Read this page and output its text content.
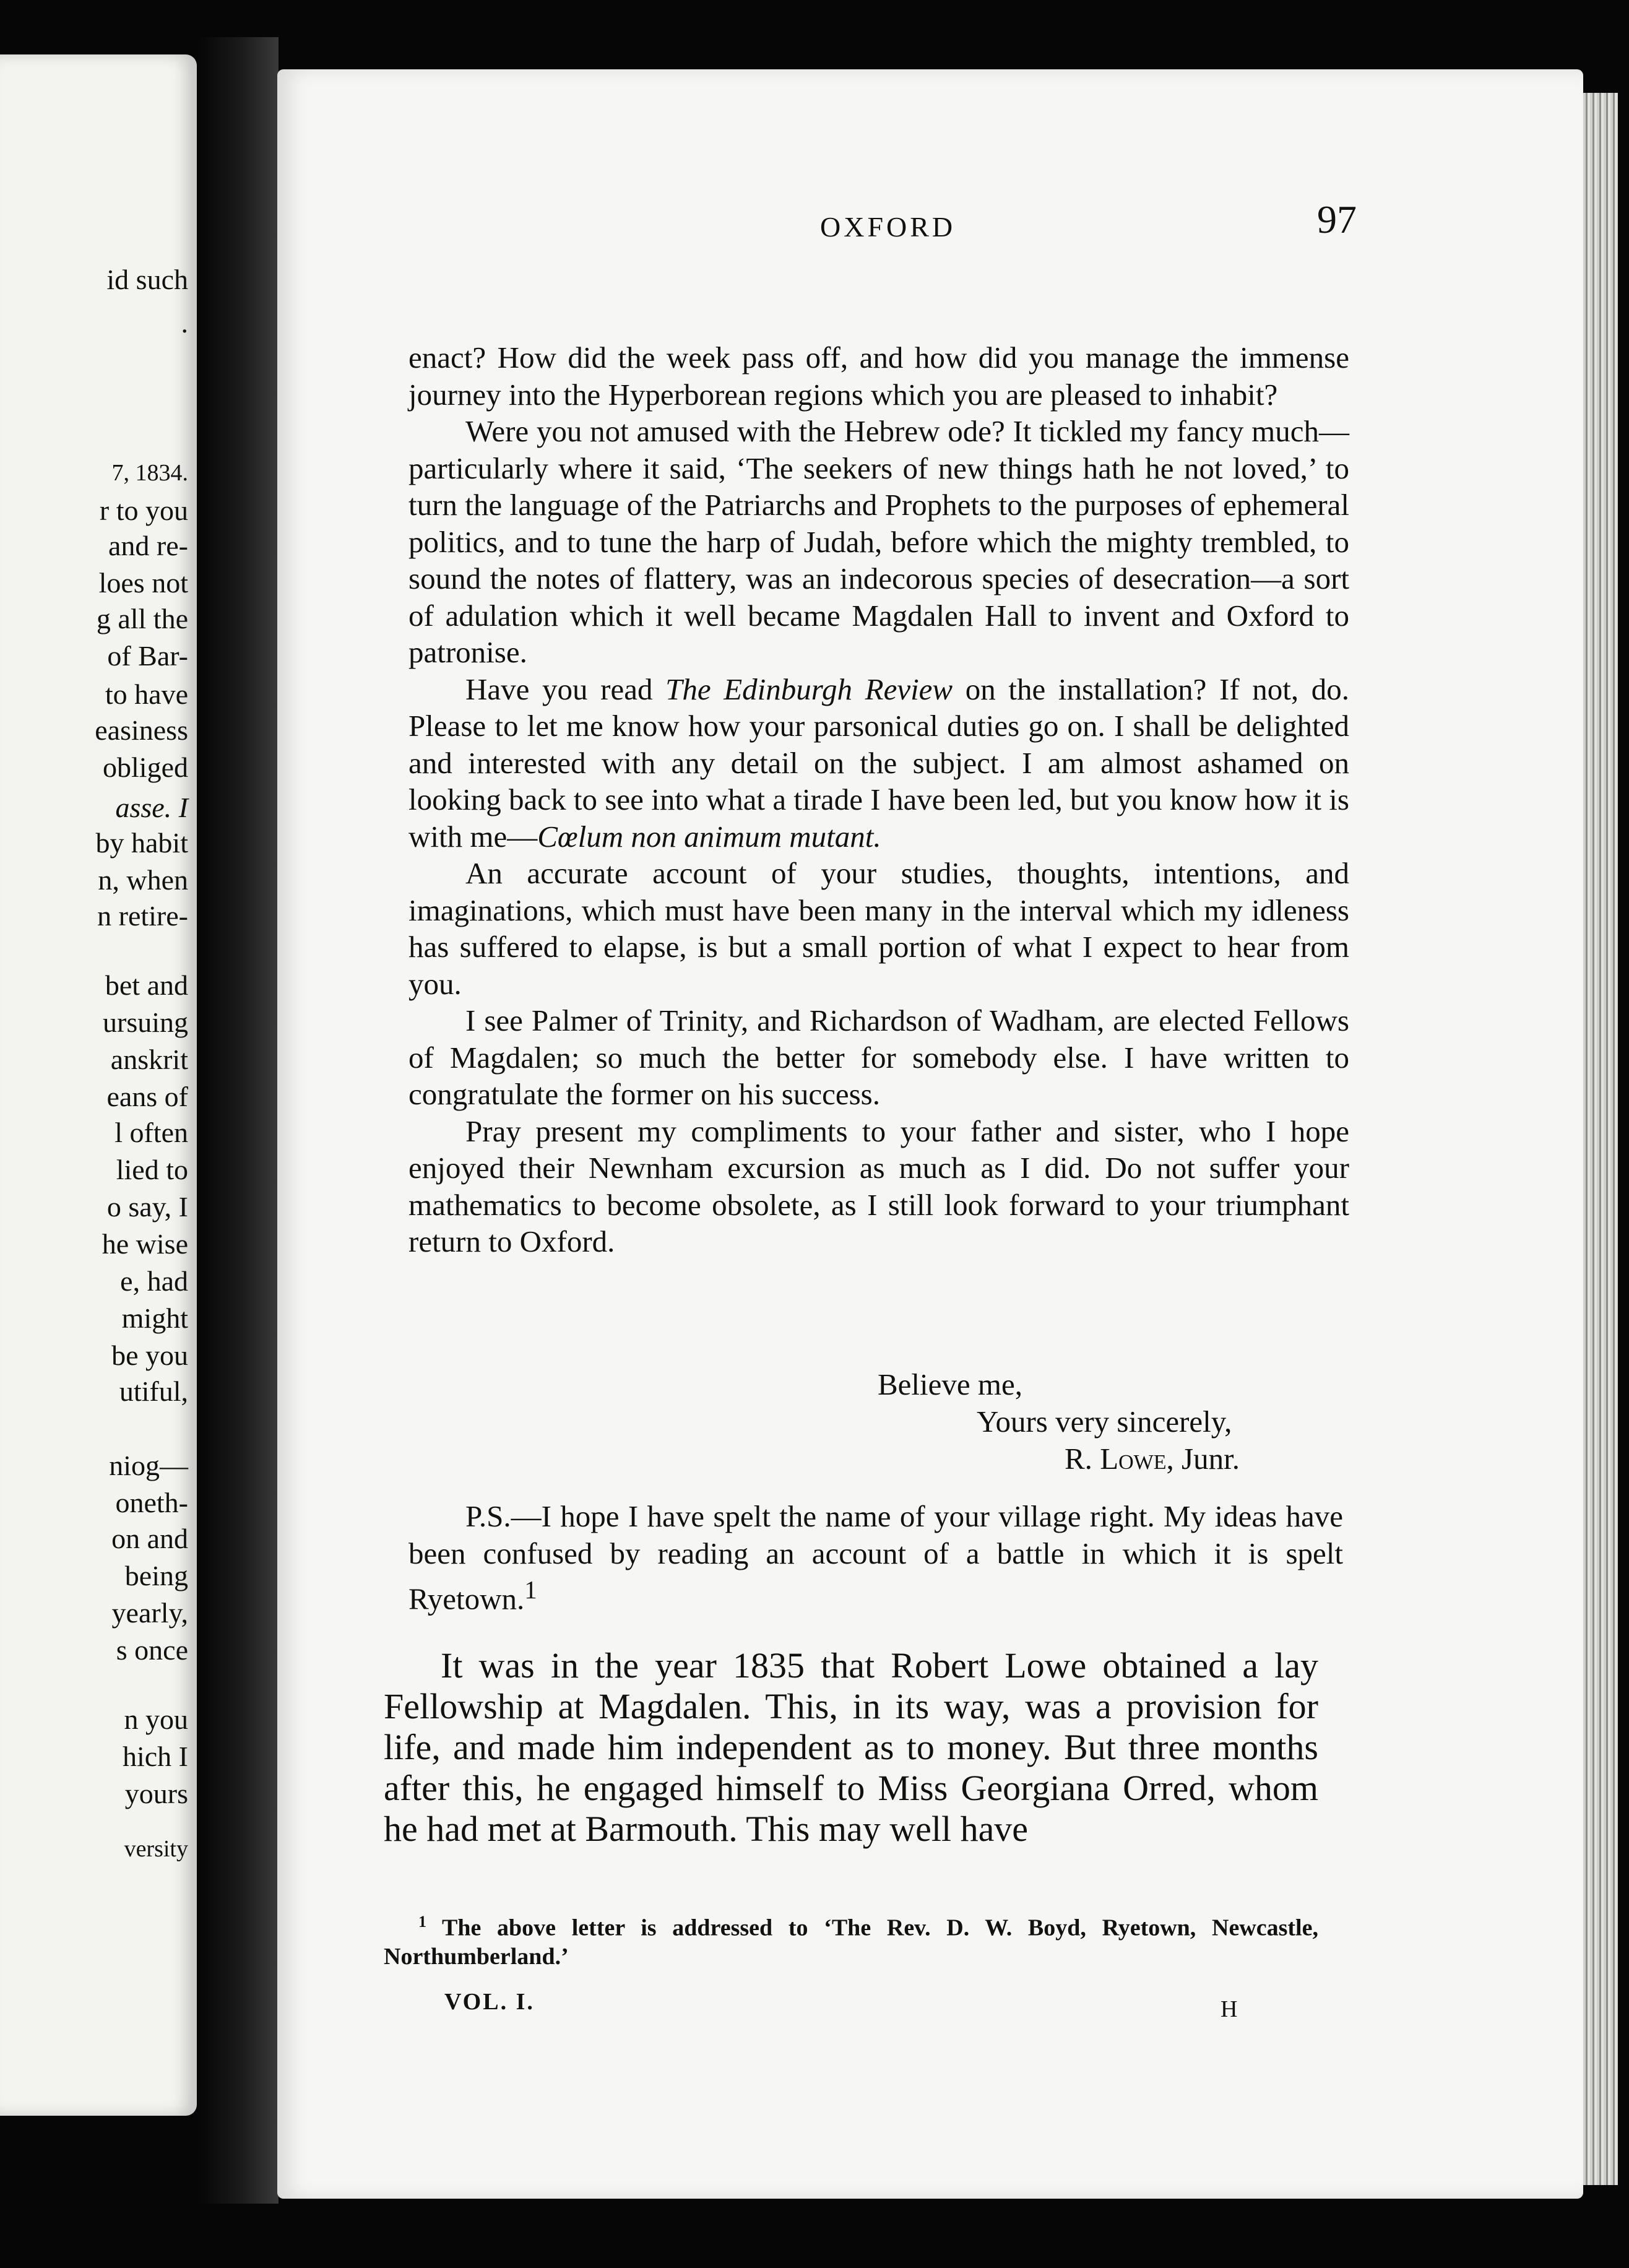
id such
.
7, 1834.
r to you
and re-
loes not
g all the
of Bar-
to have
easiness
obliged
asse. I
by habit
n, when
n retire-
bet and
ursuing
anskrit
eans of
l often
lied to
o say, I
he wise
e, had
might
be you
utiful,
niog—
oneth-
on and
being
yearly,
s once
n you
hich I
yours
versity
OXFORD	97

enact? How did the week pass off, and how did you manage the immense journey into the Hyperborean regions which you are pleased to inhabit?

Were you not amused with the Hebrew ode? It tickled my fancy much—particularly where it said, ‘The seekers of new things hath he not loved,’ to turn the language of the Patriarchs and Prophets to the purposes of ephemeral politics, and to tune the harp of Judah, before which the mighty trembled, to sound the notes of flattery, was an indecorous species of desecration—a sort of adulation which it well became Magdalen Hall to invent and Oxford to patronise.

Have you read The Edinburgh Review on the installation? If not, do. Please to let me know how your parsonical duties go on. I shall be delighted and interested with any detail on the subject. I am almost ashamed on looking back to see into what a tirade I have been led, but you know how it is with me—Cœlum non animum mutant.

An accurate account of your studies, thoughts, intentions, and imaginations, which must have been many in the interval which my idleness has suffered to elapse, is but a small portion of what I expect to hear from you.

I see Palmer of Trinity, and Richardson of Wadham, are elected Fellows of Magdalen; so much the better for somebody else. I have written to congratulate the former on his success.

Pray present my compliments to your father and sister, who I hope enjoyed their Newnham excursion as much as I did. Do not suffer your mathematics to become obsolete, as I still look forward to your triumphant return to Oxford.

Believe me,
Yours very sincerely,
R. Lowe, Junr.

P.S.—I hope I have spelt the name of your village right. My ideas have been confused by reading an account of a battle in which it is spelt Ryetown.$^1$

It was in the year 1835 that Robert Lowe obtained a lay Fellowship at Magdalen. This, in its way, was a provision for life, and made him independent as to money. But three months after this, he engaged himself to Miss Georgiana Orred, whom he had met at Barmouth. This may well have

$^1$ The above letter is addressed to ‘The Rev. D. W. Boyd, Ryetown, Newcastle, Northumberland.’

VOL. I.	H
